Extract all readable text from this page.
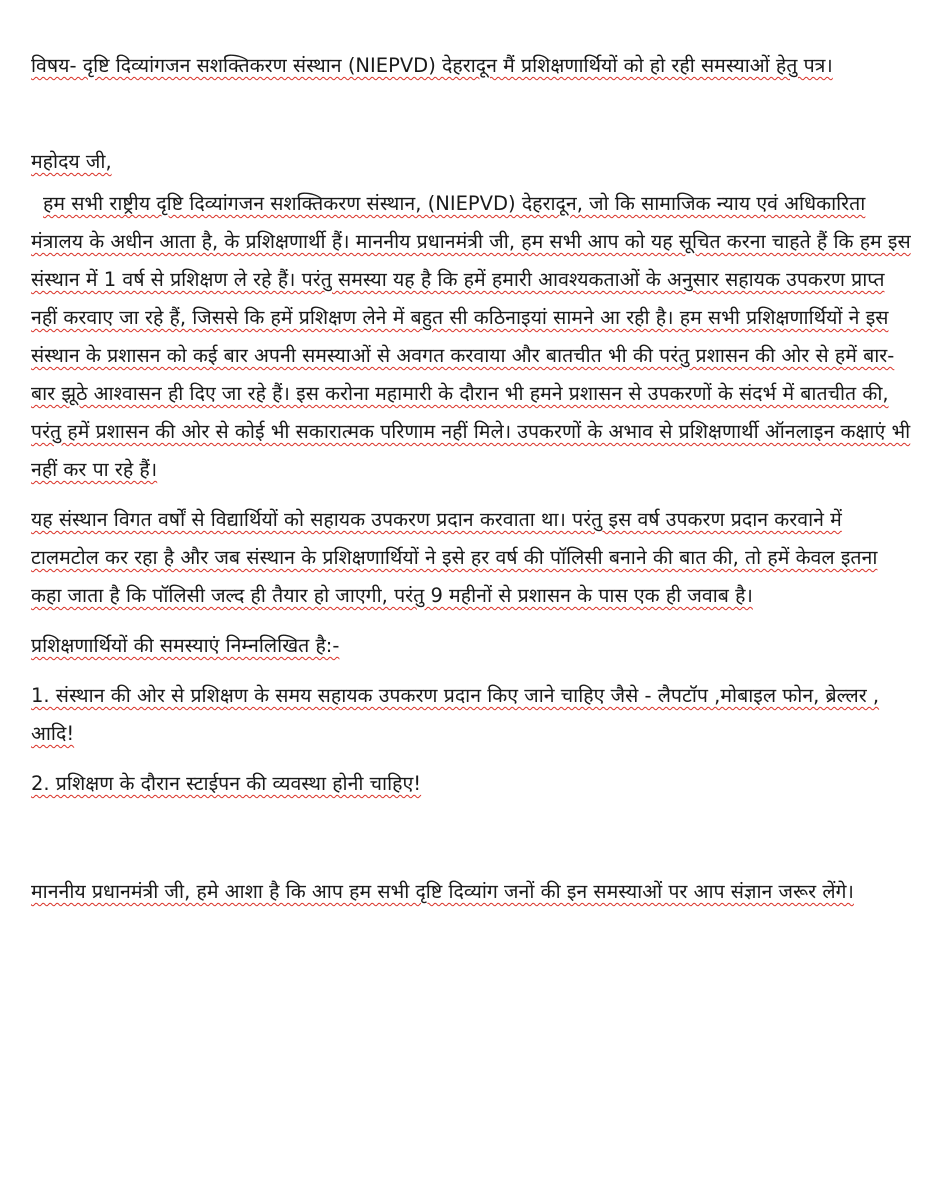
विषय- दृष्टि दिव्यांगजन सशक्तिकरण संस्थान (NIEPVD) देहरादून मैं प्रशिक्षणार्थियों को हो रही समस्याओं हेतु पत्र।

महोदय जी,

हम सभी राष्ट्रीय दृष्टि दिव्यांगजन सशक्तिकरण संस्थान, (NIEPVD) देहरादून, जो कि सामाजिक न्याय एवं अधिकारिता मंत्रालय के अधीन आता है, के प्रशिक्षणार्थी हैं। माननीय प्रधानमंत्री जी, हम सभी आप को यह सूचित करना चाहते हैं कि हम इस संस्थान में 1 वर्ष से प्रशिक्षण ले रहे हैं। परंतु समस्या यह है कि हमें हमारी आवश्यकताओं के अनुसार सहायक उपकरण प्राप्त नहीं करवाए जा रहे हैं, जिससे कि हमें प्रशिक्षण लेने में बहुत सी कठिनाइयां सामने आ रही है। हम सभी प्रशिक्षणार्थियों ने इस संस्थान के प्रशासन को कई बार अपनी समस्याओं से अवगत करवाया और बातचीत भी की परंतु प्रशासन की ओर से हमें बार-बार झूठे आश्वासन ही दिए जा रहे हैं। इस करोना महामारी के दौरान भी हमने प्रशासन से उपकरणों के संदर्भ में बातचीत की, परंतु हमें प्रशासन की ओर से कोई भी सकारात्मक परिणाम नहीं मिले। उपकरणों के अभाव से प्रशिक्षणार्थी ऑनलाइन कक्षाएं भी नहीं कर पा रहे हैं।

यह संस्थान विगत वर्षों से विद्यार्थियों को सहायक उपकरण प्रदान करवाता था। परंतु इस वर्ष उपकरण प्रदान करवाने में टालमटोल कर रहा है और जब संस्थान के प्रशिक्षणार्थियों ने इसे हर वर्ष की पॉलिसी बनाने की बात की, तो हमें केवल इतना कहा जाता है कि पॉलिसी जल्द ही तैयार हो जाएगी, परंतु 9 महीनों से प्रशासन के पास एक ही जवाब है।

प्रशिक्षणार्थियों की समस्याएं निम्नलिखित है:-

1. संस्थान की ओर से प्रशिक्षण के समय सहायक उपकरण प्रदान किए जाने चाहिए जैसे - लैपटॉप ,मोबाइल फोन, ब्रेल्लर , आदि!

2. प्रशिक्षण के दौरान स्टाईपन की व्यवस्था होनी चाहिए!

माननीय प्रधानमंत्री जी, हमे आशा है कि आप हम सभी दृष्टि दिव्यांग जनों की इन समस्याओं पर आप संज्ञान जरूर लेंगे।
